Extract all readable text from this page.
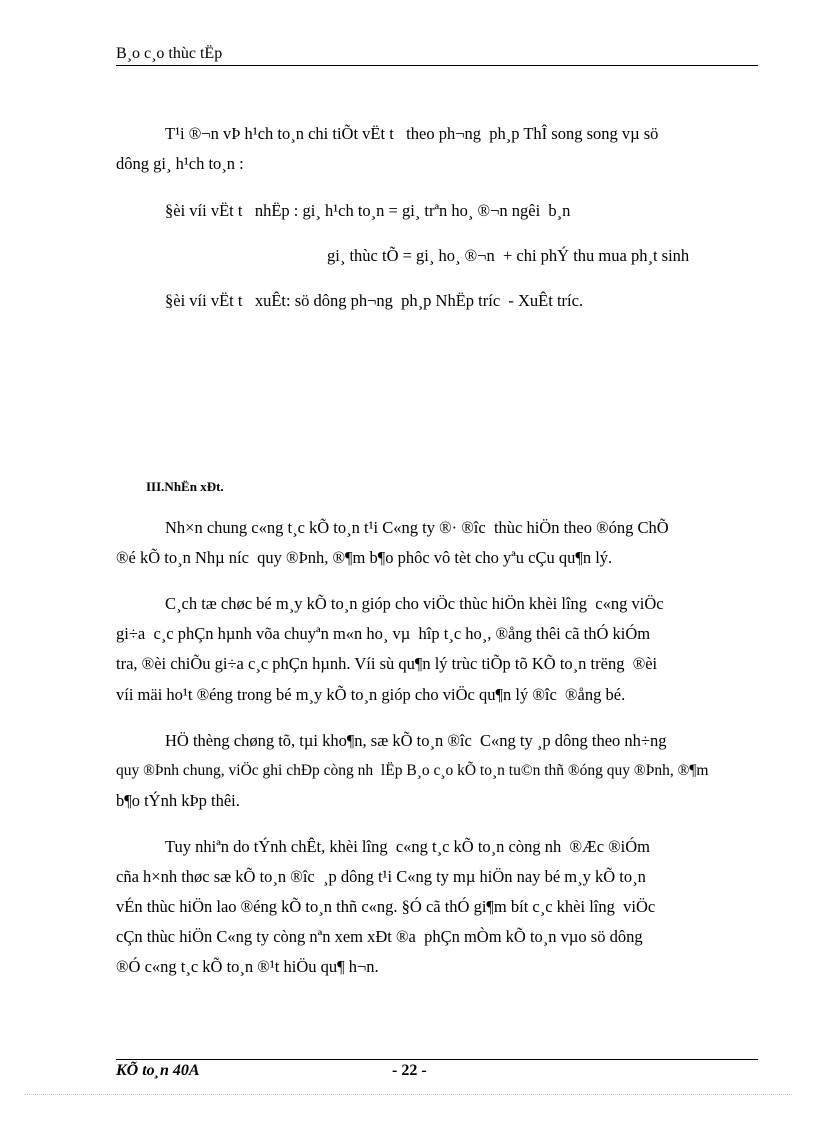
B¸o c¸o thùc tËp
T¹i ®¬n vÞ h¹ch to¸n chi tiÕt vËt t   theo ph¬ng  ph¸p ThÎ song song vµ sö
dông gi¸ h¹ch to¸n :
§èi víi vËt t   nhËp : gi¸ h¹ch to¸n = gi¸ trªn ho¸ ®¬n ngêi  b¸n
gi¸ thùc tÕ = gi¸ ho¸ ®¬n  + chi phÝ thu mua ph¸t sinh
§èi víi vËt t   xuÊt: sö dông ph¬ng  ph¸p NhËp tríc  - XuÊt tríc.
III.NhËn xÐt.
Nh×n chung c«ng t¸c kÕ to¸n t¹i C«ng ty ®· ®îc  thùc hiÖn theo ®óng ChÕ
®é kÕ to¸n Nhµ níc  quy ®Þnh, ®¶m b¶o phôc vô tèt cho yªu cÇu qu¶n lý.
C¸ch tæ chøc bé m¸y kÕ to¸n gióp cho viÖc thùc hiÖn khèi lîng  c«ng viÖc
gi÷a  c¸c phÇn hµnh võa chuyªn m«n ho¸ vµ  hîp t¸c ho¸, ®ång thêi cã thÓ kiÓm
tra, ®èi chiÕu gi÷a c¸c phÇn hµnh. Víi sù qu¶n lý trùc tiÕp tõ KÕ to¸n trëng  ®èi
víi mäi ho¹t ®éng trong bé m¸y kÕ to¸n gióp cho viÖc qu¶n lý ®îc  ®ång bé.
HÖ thèng chøng tõ, tµi kho¶n, sæ kÕ to¸n ®îc  C«ng ty ¸p dông theo nh÷ng
quy ®Þnh chung, viÖc ghi chÐp còng nh  lËp B¸o c¸o kÕ to¸n tu©n thñ ®óng quy ®Þnh, ®¶m
b¶o tÝnh kÞp thêi.
Tuy nhiªn do tÝnh chÊt, khèi lîng  c«ng t¸c kÕ to¸n còng nh  ®Æc ®iÓm
cña h×nh thøc sæ kÕ to¸n ®îc  ¸p dông t¹i C«ng ty mµ hiÖn nay bé m¸y kÕ to¸n
vÉn thùc hiÖn lao ®éng kÕ to¸n thñ c«ng. §Ó cã thÓ gi¶m bít c¸c khèi lîng  viÖc
cÇn thùc hiÖn C«ng ty còng nªn xem xÐt ®a  phÇn mÒm kÕ to¸n vµo sö dông
®Ó c«ng t¸c kÕ to¸n ®¹t hiÖu qu¶ h¬n.
KÕ to¸n 40A	- 22 -
